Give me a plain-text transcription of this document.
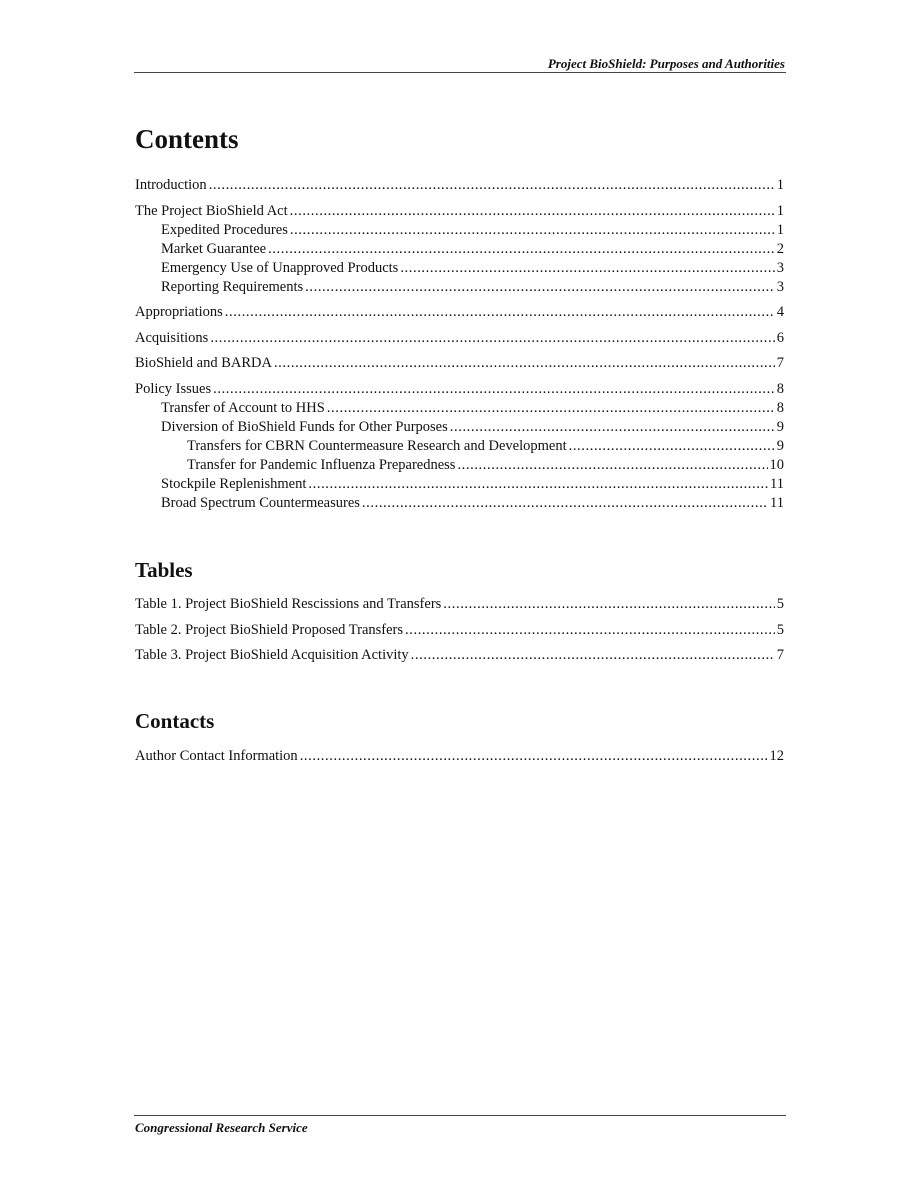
Project BioShield: Purposes and Authorities
Contents
Introduction .....	1
The Project BioShield Act .....	1
Expedited Procedures .....	1
Market Guarantee .....	2
Emergency Use of Unapproved Products .....	3
Reporting Requirements .....	3
Appropriations .....	4
Acquisitions .....	6
BioShield and BARDA .....	7
Policy Issues .....	8
Transfer of Account to HHS .....	8
Diversion of BioShield Funds for Other Purposes .....	9
Transfers for CBRN Countermeasure Research and Development .....	9
Transfer for Pandemic Influenza Preparedness .....	10
Stockpile Replenishment .....	11
Broad Spectrum Countermeasures .....	11
Tables
Table 1. Project BioShield Rescissions and Transfers .....	5
Table 2. Project BioShield Proposed Transfers .....	5
Table 3. Project BioShield Acquisition Activity .....	7
Contacts
Author Contact Information .....	12
Congressional Research Service
